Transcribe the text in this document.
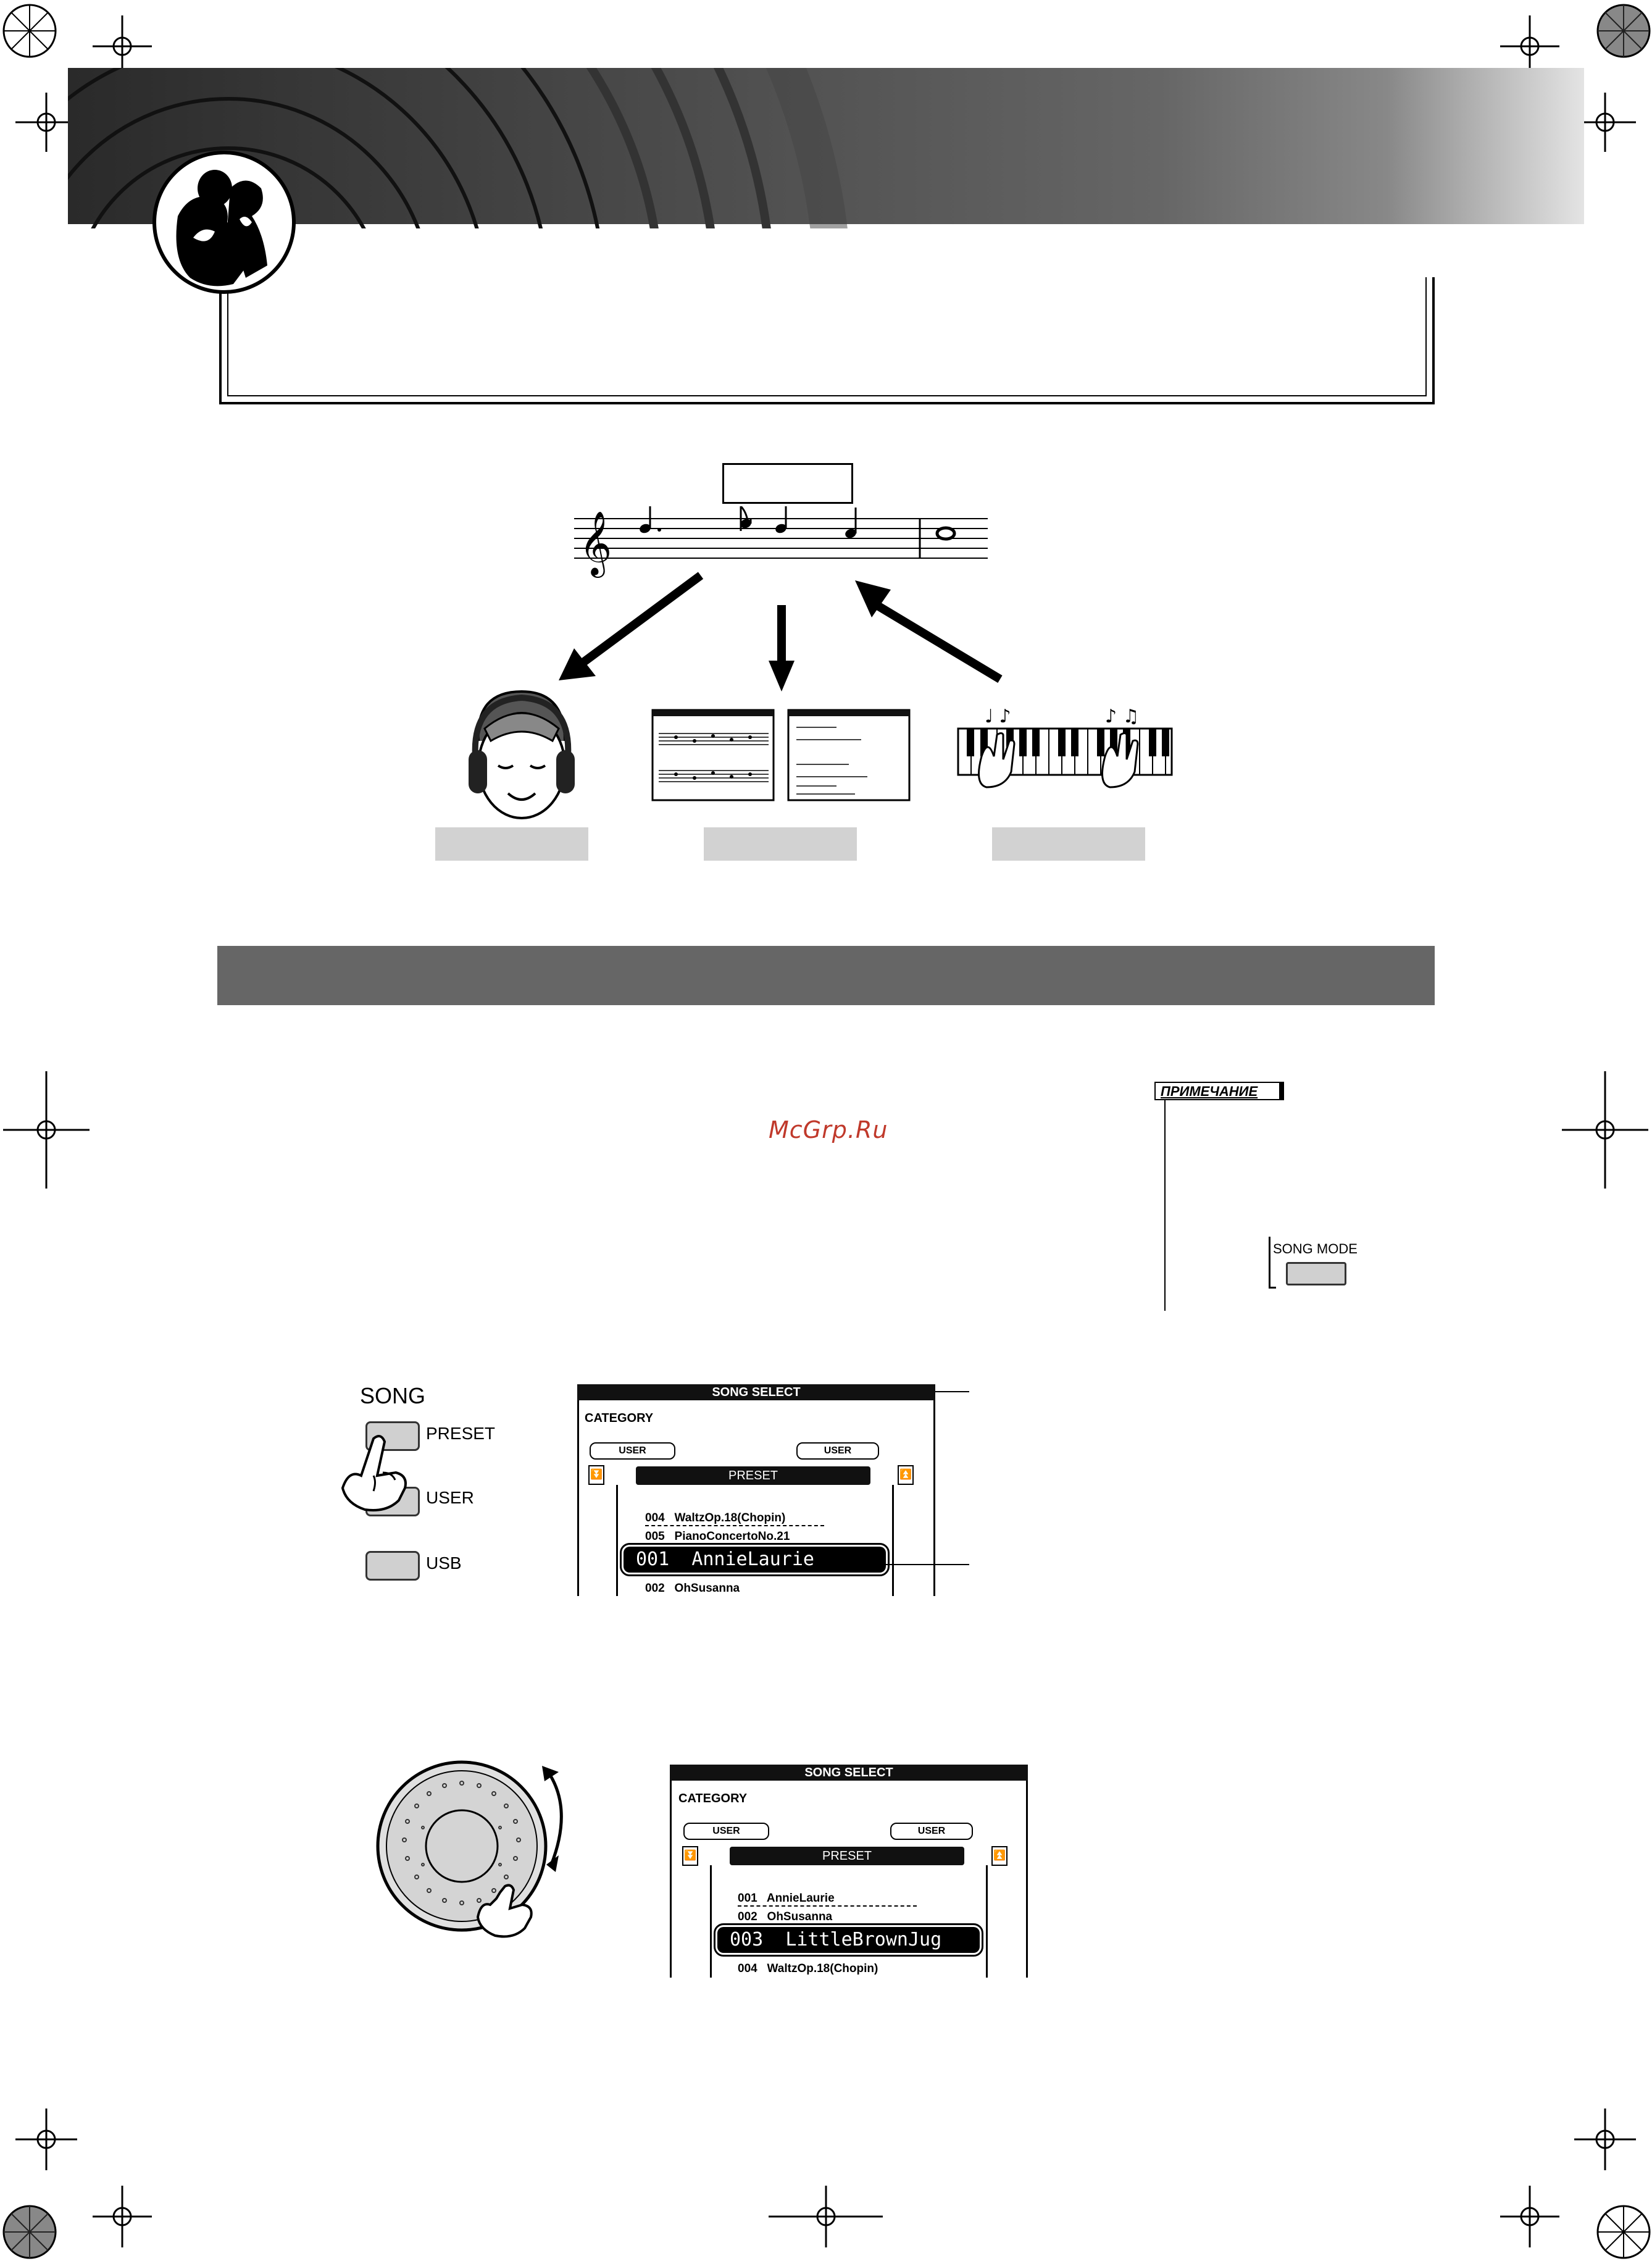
𝄞
♩ ♪	♪ ♫
McGrp.Ru
ПРИМЕЧАНИЕ
SONG MODE
SONG
PRESET
USER
USB
SONG SELECT
CATEGORY
USER	USER
⏬	⏫
PRESET
004 WaltzOp.18(Chopin)
005 PianoConcertoNo.21
001 AnnieLaurie
002 OhSusanna
SONG SELECT
CATEGORY
USER	USER
⏬	⏫
PRESET
001 AnnieLaurie
002 OhSusanna
003 LittleBrownJug
004 WaltzOp.18(Chopin)
